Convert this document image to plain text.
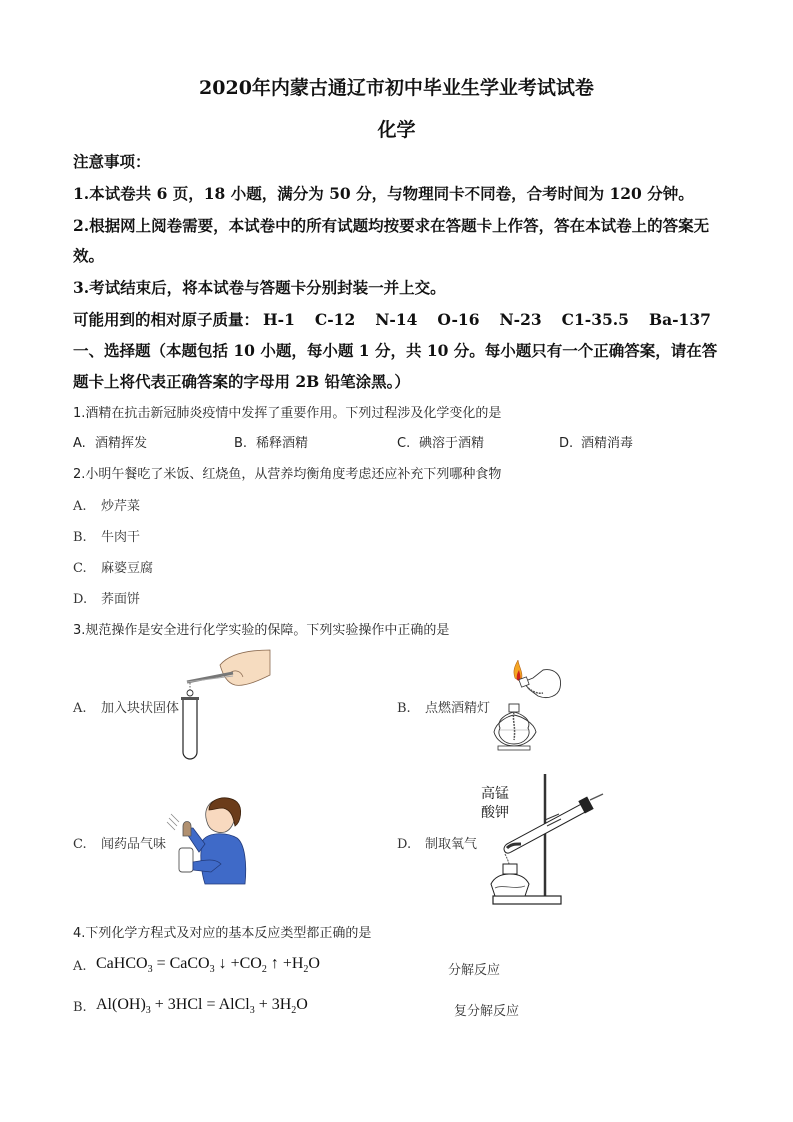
2020年内蒙古通辽市初中毕业生学业考试试卷
化学
注意事项：
1.本试卷共 6 页，18 小题，满分为 50 分，与物理同卡不同卷，合考时间为 120 分钟。
2.根据网上阅卷需要，本试卷中的所有试题均按要求在答题卡上作答，答在本试卷上的答案无
效。
3.考试结束后，将本试卷与答题卡分别封装一并上交。
可能用到的相对原子质量： H-1 C-12 N-14 O-16 N-23 C1-35.5 Ba-137
一、选择题（本题包括 10 小题，每小题 1 分，共 10 分。每小题只有一个正确答案，请在答
题卡上将代表正确答案的字母用 2B 铅笔涂黑。）
1.酒精在抗击新冠肺炎疫情中发挥了重要作用。下列过程涉及化学变化的是
A. 酒精挥发	B. 稀释酒精	C. 碘溶于酒精	D. 酒精消毒
2.小明午餐吃了米饭、红烧鱼，从营养均衡角度考虑还应补充下列哪种食物
A. 炒芹菜
B. 牛肉干
C. 麻婆豆腐
D. 荞面饼
3.规范操作是安全进行化学实验的保障。下列实验操作中正确的是
A. 加入块状固体	B. 点燃酒精灯
C. 闻药品气味	D. 制取氧气
高锰
酸钾
4.下列化学方程式及对应的基本反应类型都正确的是
A. CaHCO$_3$ = CaCO$_3$ ↓ $+CO_2$ ↑ $+H_2O$	分解反应
B. $Al(OH)_3 + 3HCl$ = AlCl$_3$ + $3H_2O$	复分解反应
